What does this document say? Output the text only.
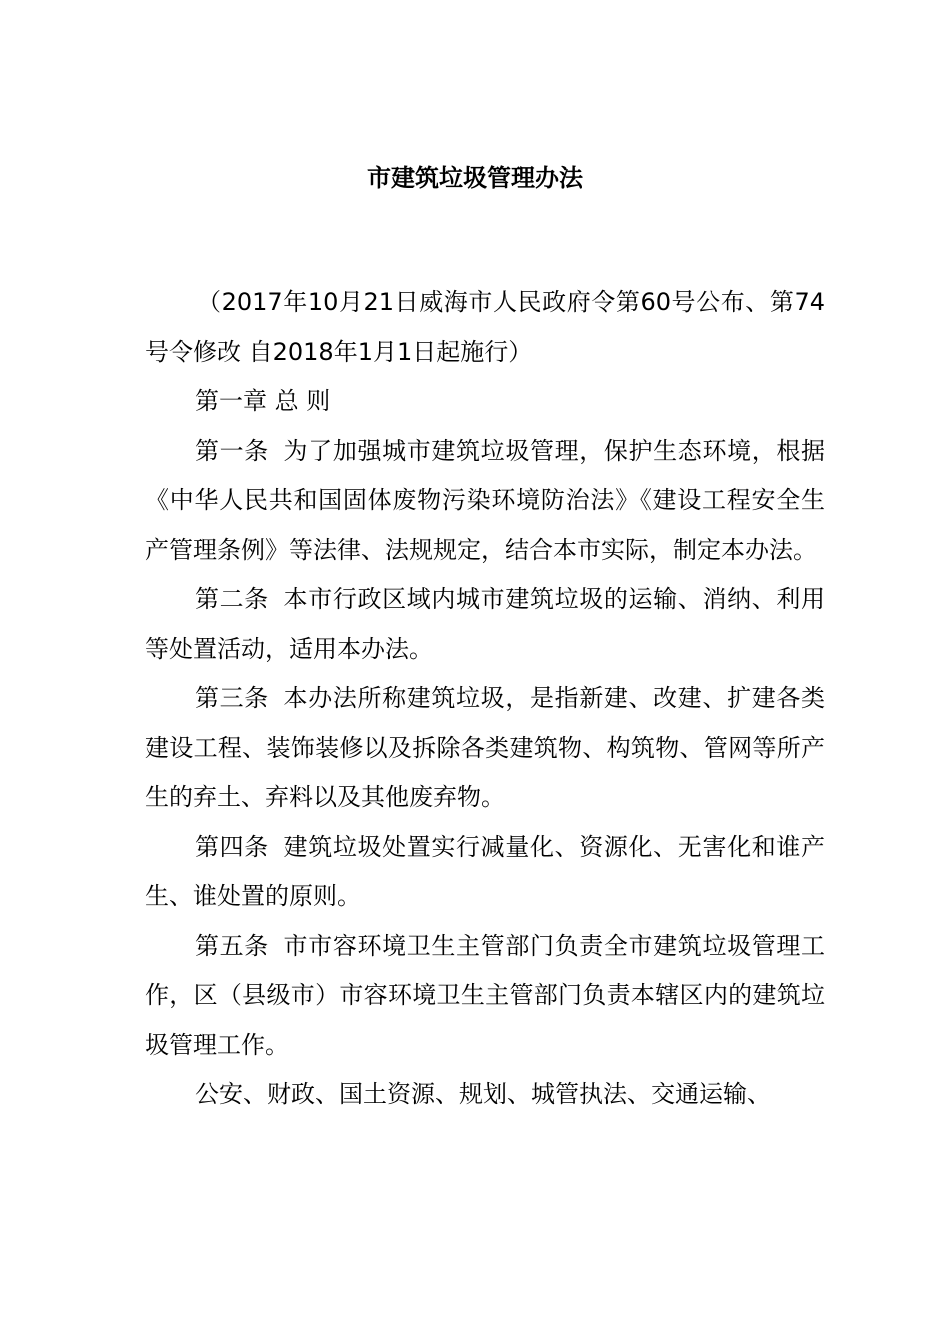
市建筑垃圾管理办法

（2017年10月21日威海市人民政府令第60号公布、第74号令修改 自2018年1月1日起施行）

第一章 总 则

第一条 为了加强城市建筑垃圾管理，保护生态环境，根据《中华人民共和国固体废物污染环境防治法》《建设工程安全生产管理条例》等法律、法规规定，结合本市实际，制定本办法。

第二条 本市行政区域内城市建筑垃圾的运输、消纳、利用等处置活动，适用本办法。

第三条 本办法所称建筑垃圾，是指新建、改建、扩建各类建设工程、装饰装修以及拆除各类建筑物、构筑物、管网等所产生的弃土、弃料以及其他废弃物。

第四条 建筑垃圾处置实行减量化、资源化、无害化和谁产生、谁处置的原则。

第五条 市市容环境卫生主管部门负责全市建筑垃圾管理工作，区（县级市）市容环境卫生主管部门负责本辖区内的建筑垃圾管理工作。

公安、财政、国土资源、规划、城管执法、交通运输、
